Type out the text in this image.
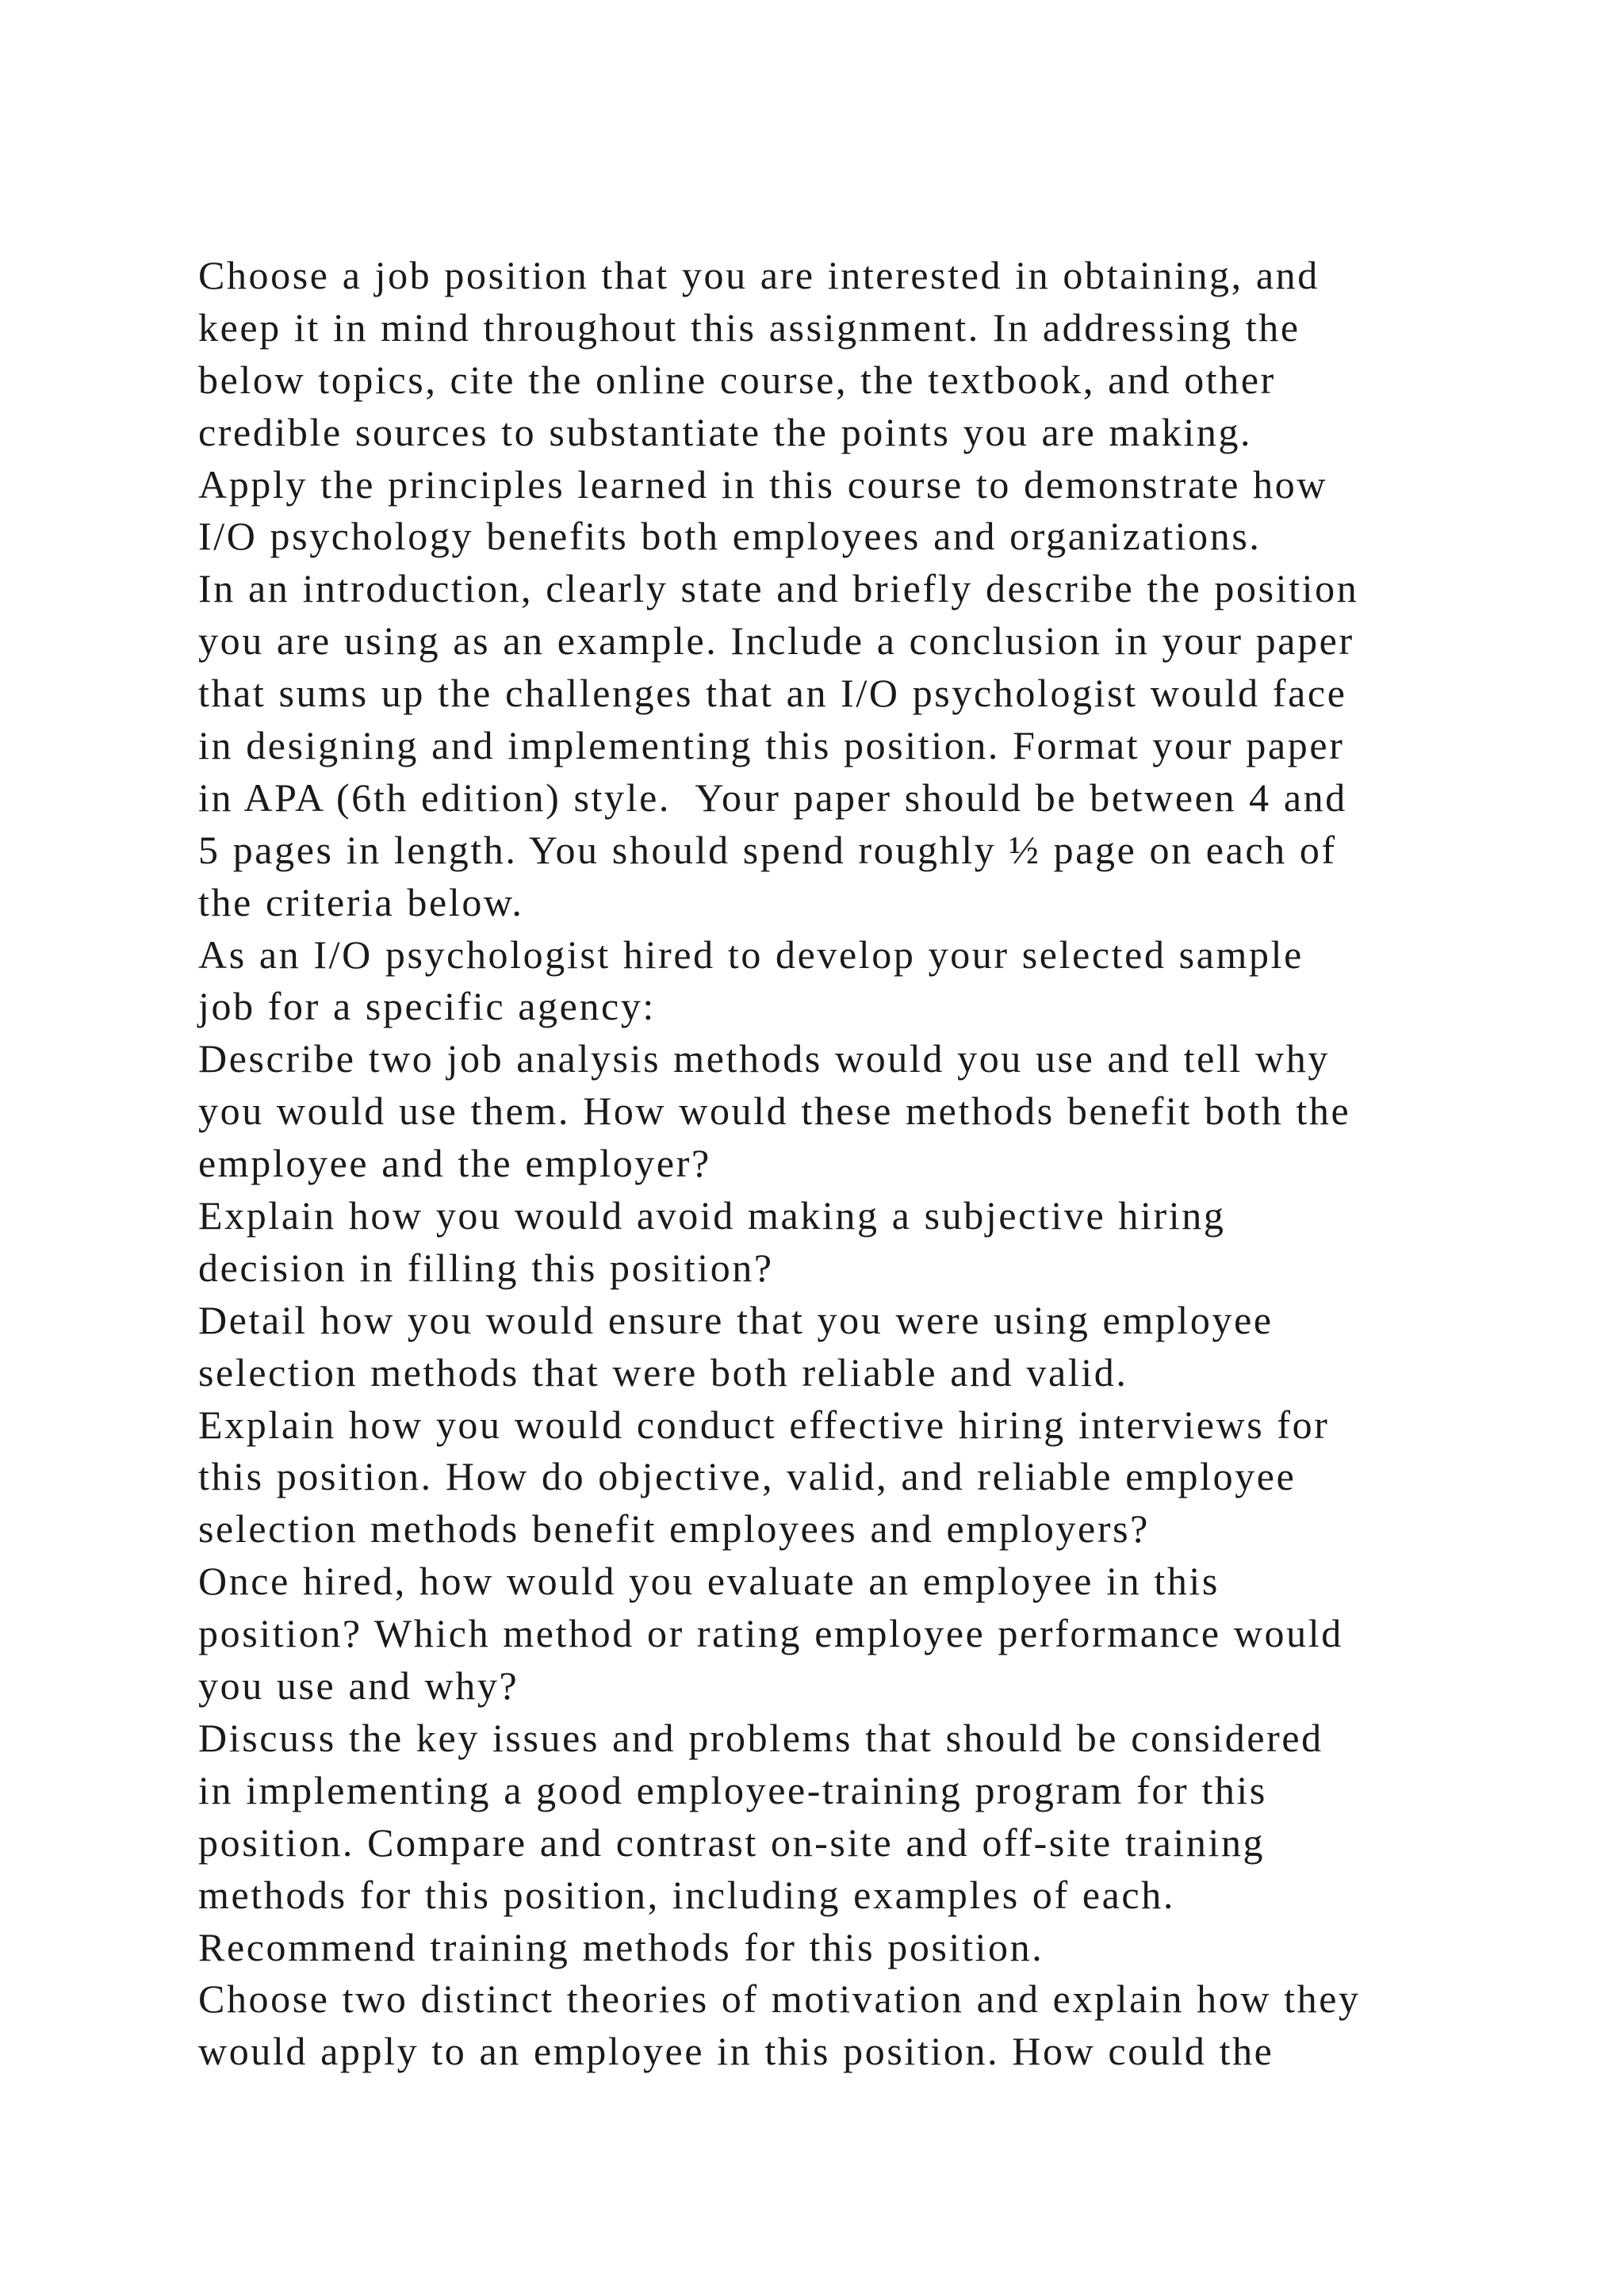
Choose a job position that you are interested in obtaining, and
keep it in mind throughout this assignment. In addressing the
below topics, cite the online course, the textbook, and other
credible sources to substantiate the points you are making.
Apply the principles learned in this course to demonstrate how
I/O psychology benefits both employees and organizations.
In an introduction, clearly state and briefly describe the position
you are using as an example. Include a conclusion in your paper
that sums up the challenges that an I/O psychologist would face
in designing and implementing this position. Format your paper
in APA (6th edition) style.  Your paper should be between 4 and
5 pages in length. You should spend roughly ½ page on each of
the criteria below.
As an I/O psychologist hired to develop your selected sample
job for a specific agency:
Describe two job analysis methods would you use and tell why
you would use them. How would these methods benefit both the
employee and the employer?
Explain how you would avoid making a subjective hiring
decision in filling this position?
Detail how you would ensure that you were using employee
selection methods that were both reliable and valid.
Explain how you would conduct effective hiring interviews for
this position. How do objective, valid, and reliable employee
selection methods benefit employees and employers?
Once hired, how would you evaluate an employee in this
position? Which method or rating employee performance would
you use and why?
Discuss the key issues and problems that should be considered
in implementing a good employee-training program for this
position. Compare and contrast on-site and off-site training
methods for this position, including examples of each.
Recommend training methods for this position.
Choose two distinct theories of motivation and explain how they
would apply to an employee in this position. How could the
